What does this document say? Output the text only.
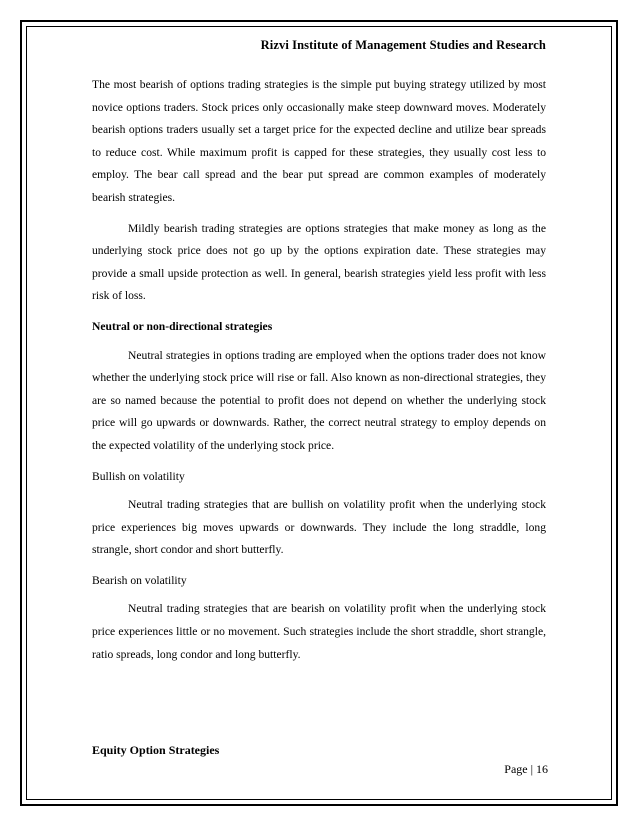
Rizvi Institute of Management Studies and Research

The most bearish of options trading strategies is the simple put buying strategy utilized by most novice options traders. Stock prices only occasionally make steep downward moves. Moderately bearish options traders usually set a target price for the expected decline and utilize bear spreads to reduce cost. While maximum profit is capped for these strategies, they usually cost less to employ. The bear call spread and the bear put spread are common examples of moderately bearish strategies.

Mildly bearish trading strategies are options strategies that make money as long as the underlying stock price does not go up by the options expiration date. These strategies may provide a small upside protection as well. In general, bearish strategies yield less profit with less risk of loss.

Neutral or non-directional strategies

Neutral strategies in options trading are employed when the options trader does not know whether the underlying stock price will rise or fall. Also known as non-directional strategies, they are so named because the potential to profit does not depend on whether the underlying stock price will go upwards or downwards. Rather, the correct neutral strategy to employ depends on the expected volatility of the underlying stock price.

Bullish on volatility

Neutral trading strategies that are bullish on volatility profit when the underlying stock price experiences big moves upwards or downwards. They include the long straddle, long strangle, short condor and short butterfly.

Bearish on volatility

Neutral trading strategies that are bearish on volatility profit when the underlying stock price experiences little or no movement. Such strategies include the short straddle, short strangle, ratio spreads, long condor and long butterfly.

Equity Option Strategies
Page | 16
